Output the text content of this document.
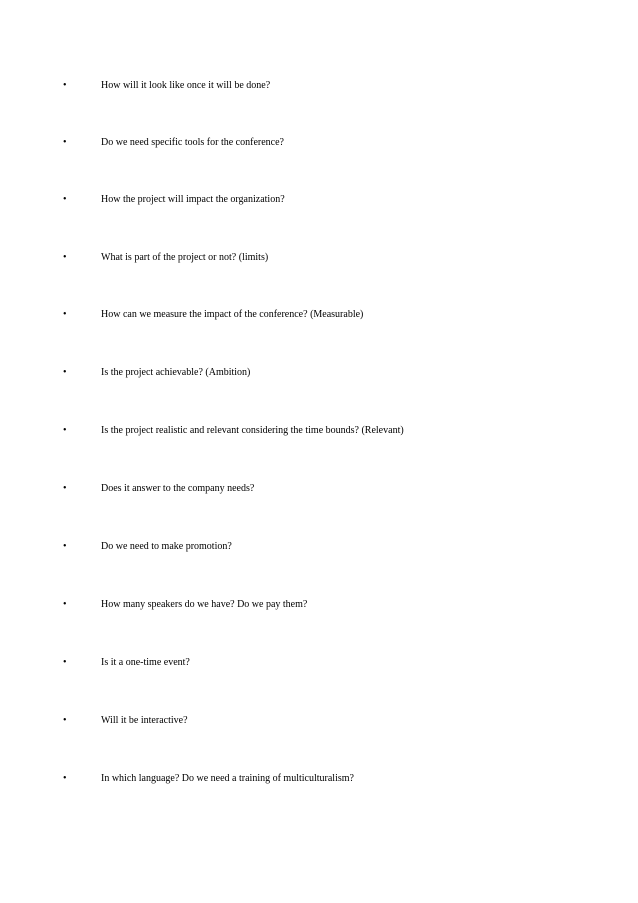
•	How will it look like once it will be done?
•	Do we need specific tools for the conference?
•	How the project will impact the organization?
•	What is part of the project or not? (limits)
•	How can we measure the impact of the conference? (Measurable)
•	Is the project achievable? (Ambition)
•	Is the project realistic and relevant considering the time bounds? (Relevant)
•	Does it answer to the company needs?
•	Do we need to make promotion?
•	How many speakers do we have? Do we pay them?
•	Is it a one-time event?
•	Will it be interactive?
•	In which language? Do we need a training of multiculturalism?
